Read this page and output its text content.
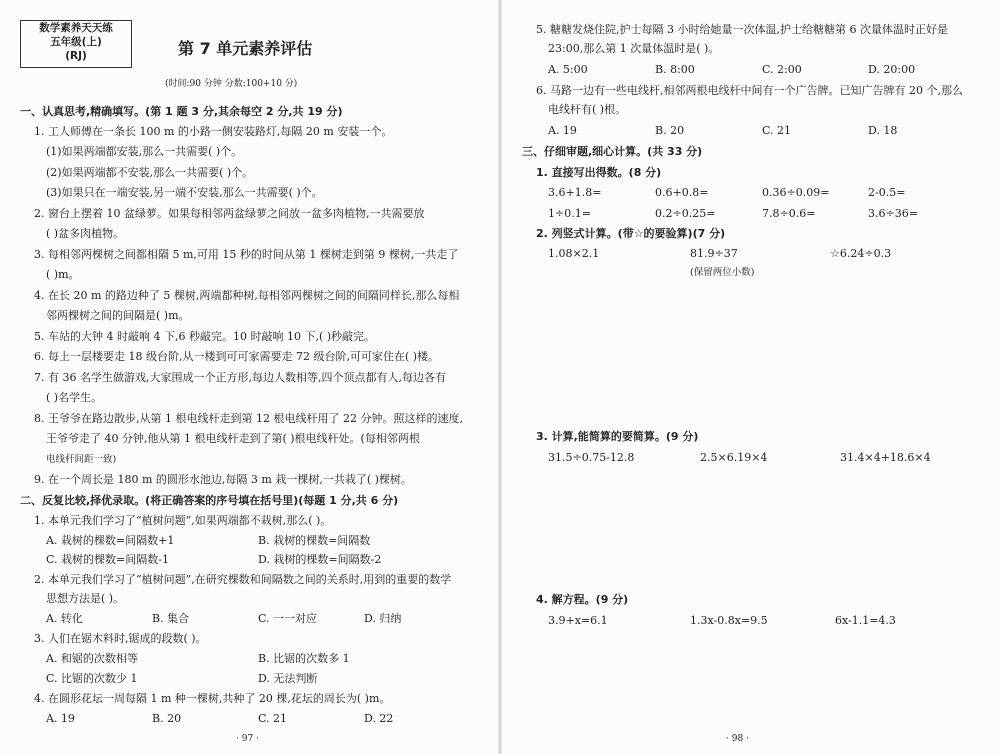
数学素养天天练
五年级(上)
(RJ)	第 7 单元素养评估
(时间:90 分钟 分数:100+10 分)
一、认真思考,精确填写。(第 1 题 3 分,其余每空 2 分,共 19 分)
1. 工人师傅在一条长 100 m 的小路一侧安装路灯,每隔 20 m 安装一个。
(1)如果两端都安装,那么一共需要( )个。
(2)如果两端都不安装,那么一共需要( )个。
(3)如果只在一端安装,另一端不安装,那么一共需要( )个。
2. 窗台上摆着 10 盆绿萝。如果每相邻两盆绿萝之间放一盆多肉植物,一共需要放
( )盆多肉植物。
3. 每相邻两棵树之间都相隔 5 m,可用 15 秒的时间从第 1 棵树走到第 9 棵树,一共走了
( )m。
4. 在长 20 m 的路边种了 5 棵树,两端都种树,每相邻两棵树之间的间隔同样长,那么每相
邻两棵树之间的间隔是( )m。
5. 车站的大钟 4 时敲响 4 下,6 秒敲完。10 时敲响 10 下,( )秒敲完。
6. 每上一层楼要走 18 级台阶,从一楼到可可家需要走 72 级台阶,可可家住在( )楼。
7. 有 36 名学生做游戏,大家围成一个正方形,每边人数相等,四个顶点都有人,每边各有
( )名学生。
8. 王爷爷在路边散步,从第 1 根电线杆走到第 12 根电线杆用了 22 分钟。照这样的速度,
王爷爷走了 40 分钟,他从第 1 根电线杆走到了第( )根电线杆处。(每相邻两根
电线杆间距一致)
9. 在一个周长是 180 m 的圆形水池边,每隔 3 m 栽一棵树,一共栽了( )棵树。
二、反复比较,择优录取。(将正确答案的序号填在括号里)(每题 1 分,共 6 分)
1. 本单元我们学习了“植树问题”,如果两端都不栽树,那么( )。
A. 栽树的棵数=间隔数+1	B. 栽树的棵数=间隔数
C. 栽树的棵数=间隔数-1	D. 栽树的棵数=间隔数-2
2. 本单元我们学习了“植树问题”,在研究棵数和间隔数之间的关系时,用到的重要的数学
思想方法是( )。
A. 转化	B. 集合	C. 一一对应	D. 归纳
3. 人们在锯木料时,锯成的段数( )。
A. 和锯的次数相等	B. 比锯的次数多 1
C. 比锯的次数少 1	D. 无法判断
4. 在圆形花坛一周每隔 1 m 种一棵树,共种了 20 棵,花坛的周长为( )m。
A. 19	B. 20	C. 21	D. 22
· 97 ·
5. 糖糖发烧住院,护士每隔 3 小时给她量一次体温,护士给糖糖第 6 次量体温时正好是
23:00,那么第 1 次量体温时是( )。
A. 5:00	B. 8:00	C. 2:00	D. 20:00
6. 马路一边有一些电线杆,相邻两根电线杆中间有一个广告牌。已知广告牌有 20 个,那么
电线杆有( )根。
A. 19	B. 20	C. 21	D. 18
三、仔细审题,细心计算。(共 33 分)
1. 直接写出得数。(8 分)
3.6+1.8=	0.6+0.8=	0.36÷0.09=	2-0.5=
1÷0.1=	0.2÷0.25=	7.8÷0.6=	3.6÷36=
2. 列竖式计算。(带☆的要验算)(7 分)
1.08×2.1	81.9÷37	☆6.24÷0.3
(保留两位小数)
3. 计算,能简算的要简算。(9 分)
31.5÷0.75-12.8	2.5×6.19×4	31.4×4+18.6×4
4. 解方程。(9 分)
3.9+x=6.1	1.3x-0.8x=9.5	6x-1.1=4.3
· 98 ·
